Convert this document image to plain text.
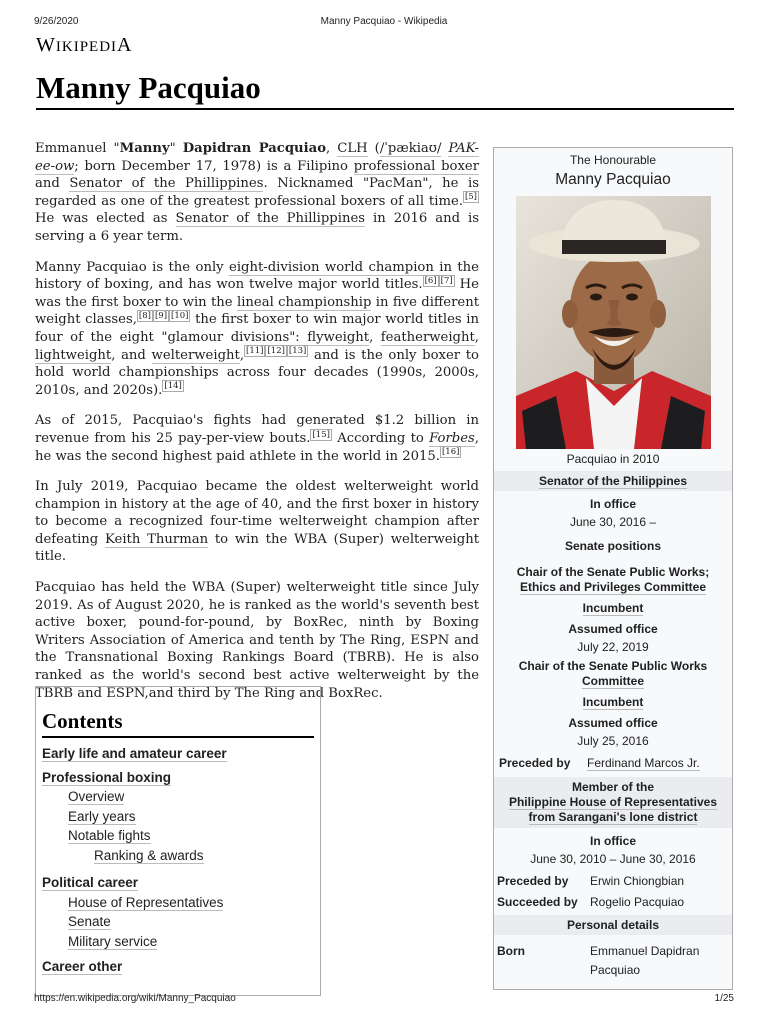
9/26/2020	Manny Pacquiao - Wikipedia
WIKIPEDIA
Manny Pacquiao

Emmanuel "Manny" Dapidran Pacquiao, CLH (/ˈpækiaʊ/ PAK-ee-ow; born December 17, 1978) is a Filipino professional boxer and Senator of the Phillippines. Nicknamed "PacMan", he is regarded as one of the greatest professional boxers of all time. [5] He was elected as Senator of the Phillippines in 2016 and is serving a 6 year term.

Manny Pacquiao is the only eight-division world champion in the history of boxing, and has won twelve major world titles. [6] [7] He was the first boxer to win the lineal championship in five different weight classes, [8] [9] [10] the first boxer to win major world titles in four of the eight "glamour divisions": flyweight, featherweight, lightweight, and welterweight, [11] [12] [13] and is the only boxer to hold world championships across four decades (1990s, 2000s, 2010s, and 2020s). [14]

As of 2015, Pacquiao's fights had generated $1.2 billion in revenue from his 25 pay-per-view bouts. [15] According to Forbes, he was the second highest paid athlete in the world in 2015. [16]

In July 2019, Pacquiao became the oldest welterweight world champion in history at the age of 40, and the first boxer in history to become a recognized four-time welterweight champion after defeating Keith Thurman to win the WBA (Super) welterweight title.

Pacquiao has held the WBA (Super) welterweight title since July 2019. As of August 2020, he is ranked as the world's seventh best active boxer, pound-for-pound, by BoxRec, ninth by Boxing Writers Association of America and tenth by The Ring, ESPN and the Transnational Boxing Rankings Board (TBRB). He is also ranked as the world's second best active welterweight by the TBRB and ESPN,and third by The Ring and BoxRec.

Contents
Early life and amateur career
Professional boxing
Overview
Early years
Notable fights
Ranking & awards
Political career
House of Representatives
Senate
Military service
Career other
The Honourable
Manny Pacquiao
Pacquiao in 2010
Senator of the Philippines
In office
June 30, 2016 –
Senate positions
Chair of the Senate Public Works;
Ethics and Privileges Committee
Incumbent
Assumed office
July 22, 2019
Chair of the Senate Public Works
Committee
Incumbent
Assumed office
July 25, 2016
Preceded by	Ferdinand Marcos Jr.
Member of the
Philippine House of Representatives
from Sarangani's lone district
In office
June 30, 2010 – June 30, 2016
Preceded by	Erwin Chiongbian
Succeeded by	Rogelio Pacquiao
Personal details
Born	Emmanuel Dapidran
Pacquiao
https://en.wikipedia.org/wiki/Manny_Pacquiao	1/25
